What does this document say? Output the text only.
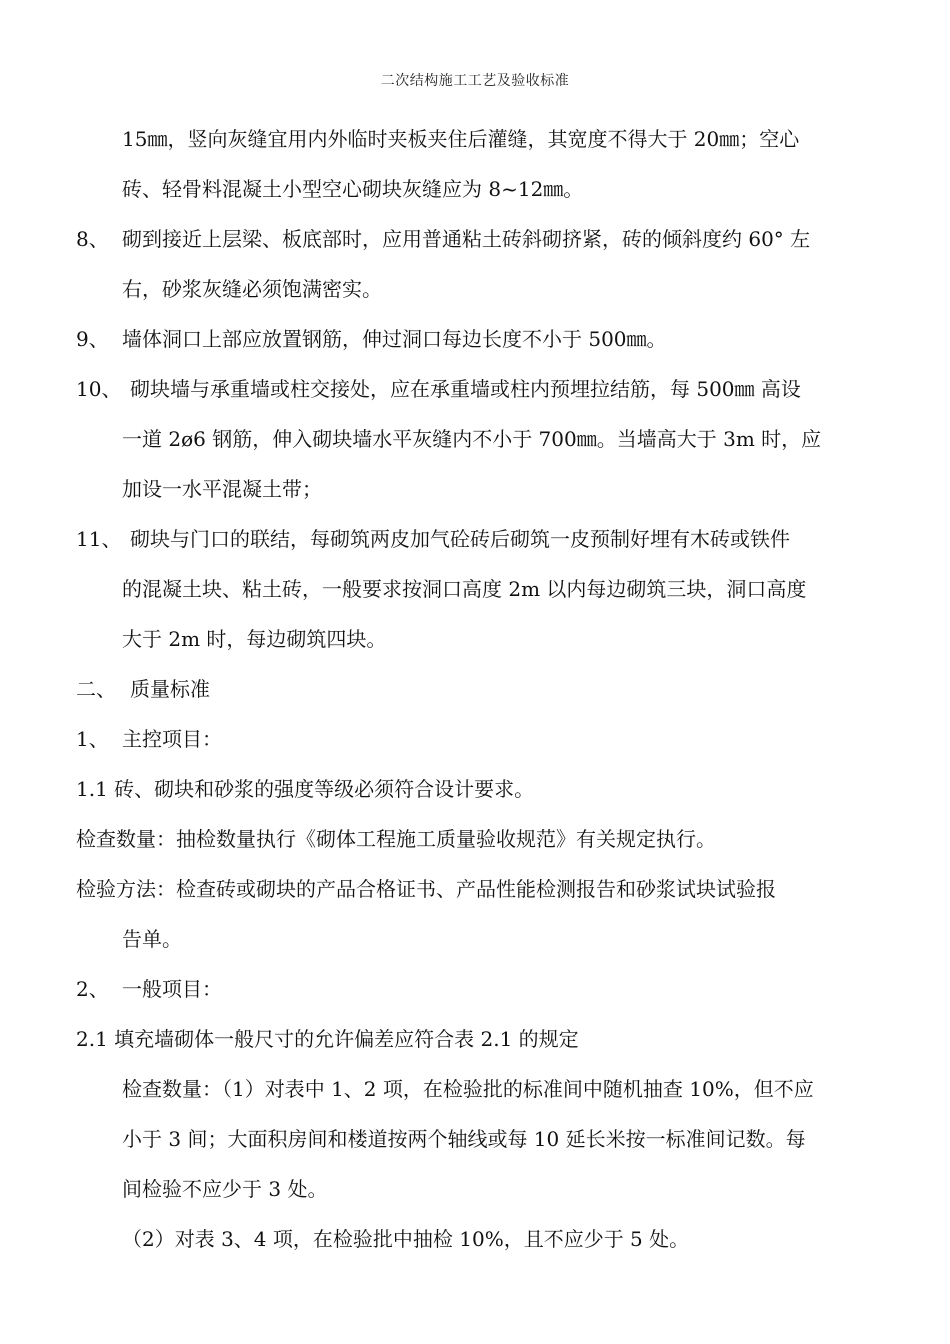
二次结构施工工艺及验收标准
15㎜，竖向灰缝宜用内外临时夹板夹住后灌缝，其宽度不得大于 20㎜；空心
砖、轻骨料混凝土小型空心砌块灰缝应为 8~12㎜。
8、 砌到接近上层梁、板底部时，应用普通粘土砖斜砌挤紧，砖的倾斜度约 60° 左
右，砂浆灰缝必须饱满密实。
9、 墙体洞口上部应放置钢筋，伸过洞口每边长度不小于 500㎜。
10、 砌块墙与承重墙或柱交接处，应在承重墙或柱内预埋拉结筋，每 500㎜ 高设
一道 2ø6 钢筋，伸入砌块墙水平灰缝内不小于 700㎜。当墙高大于 3m 时，应
加设一水平混凝土带；
11、 砌块与门口的联结，每砌筑两皮加气砼砖后砌筑一皮预制好埋有木砖或铁件
的混凝土块、粘土砖，一般要求按洞口高度 2m 以内每边砌筑三块，洞口高度
大于 2m 时，每边砌筑四块。
二、 质量标准
1、 主控项目：
1.1 砖、砌块和砂浆的强度等级必须符合设计要求。
检查数量：抽检数量执行《砌体工程施工质量验收规范》有关规定执行。
检验方法：检查砖或砌块的产品合格证书、产品性能检测报告和砂浆试块试验报
告单。
2、 一般项目：
2.1 填充墙砌体一般尺寸的允许偏差应符合表 2.1 的规定
检查数量：（1）对表中 1、2 项，在检验批的标准间中随机抽查 10%，但不应
小于 3 间；大面积房间和楼道按两个轴线或每 10 延长米按一标准间记数。每
间检验不应少于 3 处。
（2）对表 3、4 项，在检验批中抽检 10%，且不应少于 5 处。
